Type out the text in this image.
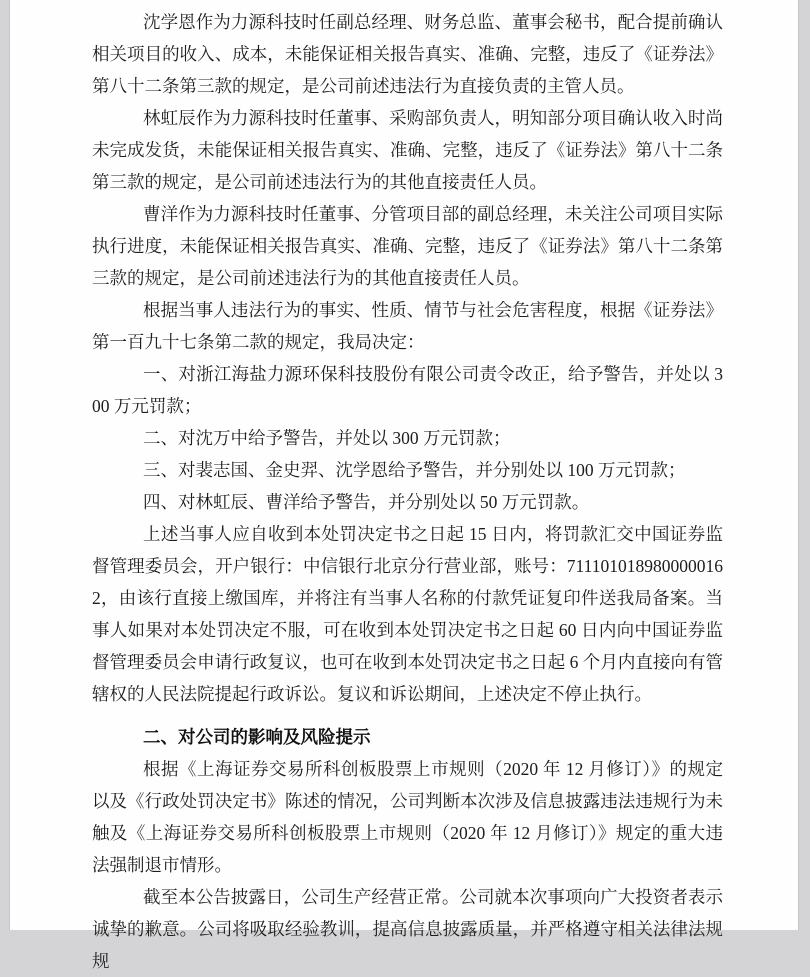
沈学恩作为力源科技时任副总经理、财务总监、董事会秘书，配合提前确认相关项目的收入、成本，未能保证相关报告真实、准确、完整，违反了《证券法》第八十二条第三款的规定，是公司前述违法行为直接负责的主管人员。

林虹辰作为力源科技时任董事、采购部负责人，明知部分项目确认收入时尚未完成发货，未能保证相关报告真实、准确、完整，违反了《证券法》第八十二条第三款的规定，是公司前述违法行为的其他直接责任人员。

曹洋作为力源科技时任董事、分管项目部的副总经理，未关注公司项目实际执行进度，未能保证相关报告真实、准确、完整，违反了《证券法》第八十二条第三款的规定，是公司前述违法行为的其他直接责任人员。

根据当事人违法行为的事实、性质、情节与社会危害程度，根据《证券法》第一百九十七条第二款的规定，我局决定：

一、对浙江海盐力源环保科技股份有限公司责令改正，给予警告，并处以 300 万元罚款；

二、对沈万中给予警告，并处以 300 万元罚款；

三、对裴志国、金史羿、沈学恩给予警告，并分别处以 100 万元罚款；

四、对林虹辰、曹洋给予警告，并分别处以 50 万元罚款。

上述当事人应自收到本处罚决定书之日起 15 日内，将罚款汇交中国证券监督管理委员会，开户银行：中信银行北京分行营业部，账号：7111010189800000162，由该行直接上缴国库，并将注有当事人名称的付款凭证复印件送我局备案。当事人如果对本处罚决定不服，可在收到本处罚决定书之日起 60 日内向中国证券监督管理委员会申请行政复议，也可在收到本处罚决定书之日起 6 个月内直接向有管辖权的人民法院提起行政诉讼。复议和诉讼期间，上述决定不停止执行。

二、对公司的影响及风险提示

根据《上海证券交易所科创板股票上市规则（2020 年 12 月修订）》的规定以及《行政处罚决定书》陈述的情况，公司判断本次涉及信息披露违法违规行为未触及《上海证券交易所科创板股票上市规则（2020 年 12 月修订）》规定的重大违法强制退市情形。

截至本公告披露日，公司生产经营正常。公司就本次事项向广大投资者表示诚挚的歉意。公司将吸取经验教训，提高信息披露质量，并严格遵守相关法律法规规
